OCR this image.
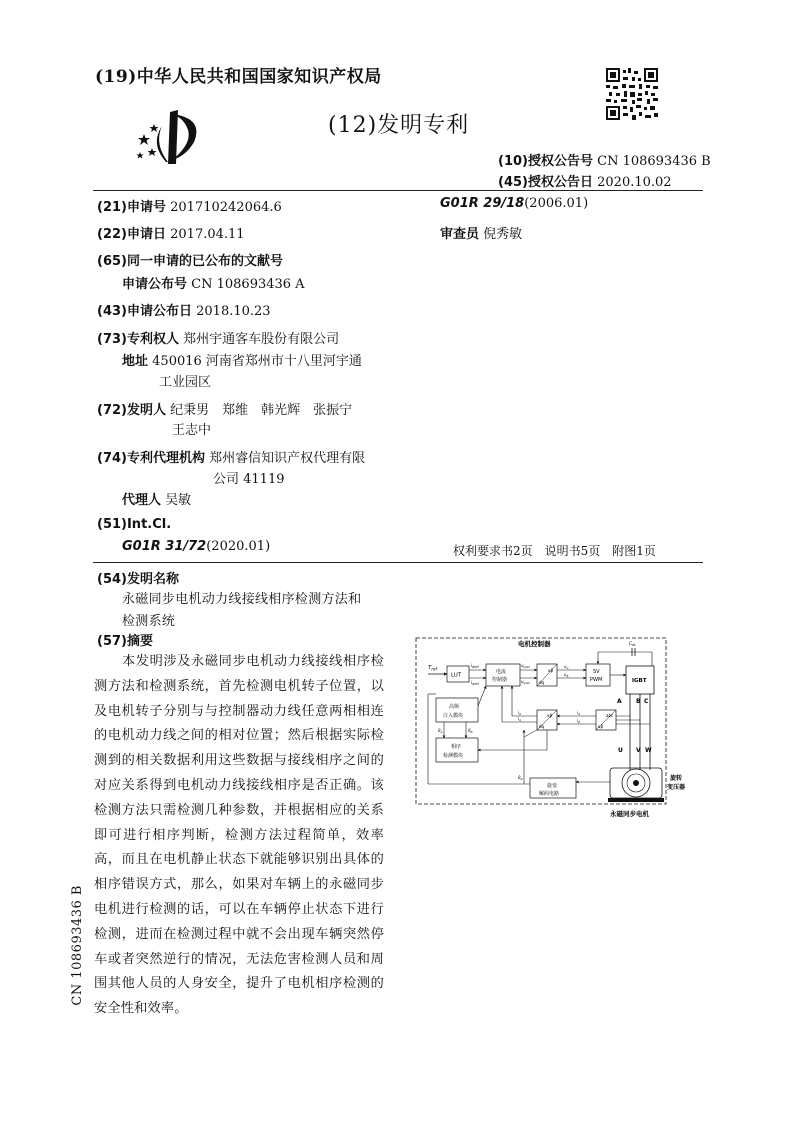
(19)中华人民共和国国家知识产权局
(12)发明专利
(10)授权公告号 CN 108693436 B
(45)授权公告日 2020.10.02
(21)申请号 201710242064.6
(22)申请日 2017.04.11
(65)同一申请的已公布的文献号
申请公布号 CN 108693436 A
(43)申请公布日 2018.10.23
(73)专利权人 郑州宇通客车股份有限公司
地址 450016 河南省郑州市十八里河宇通
工业园区
(72)发明人 纪秉男　郑维　韩光辉　张振宁
王志中
(74)专利代理机构 郑州睿信知识产权代理有限
公司 41119
代理人 吴敏
(51)Int.Cl.
G01R 31/72(2020.01)
G01R 29/18(2006.01)
审查员 倪秀敏
权利要求书2页　说明书5页　附图1页
(54)发明名称
永磁同步电机动力线接线相序检测方法和
检测系统
(57)摘要

本发明涉及永磁同步电机动力线接线相序检测方法和检测系统，首先检测电机转子位置，以及电机转子分别与与控制器动力线任意两相相连的电机动力线之间的相对位置；然后根据实际检测到的相关数据利用这些数据与接线相序之间的对应关系得到电机动力线接线相序是否正确。该检测方法只需检测几种参数，并根据相应的关系即可进行相序判断，检测方法过程简单，效率高，而且在电机静止状态下就能够识别出具体的相序错误方式，那么，如果对车辆上的永磁同步电机进行检测的话，可以在车辆停止状态下进行检测，进而在检测过程中就不会出现车辆突然停车或者突然逆行的情况，无法危害检测人员和周围其他人员的人身安全，提升了电机相序检测的安全性和效率。

CN 108693436 B
电机控制器
$T_{ref}$
LUT
$i_{dref}$
$i_{qref}$
电流
控制器
$u_{dref}$
$u_{qref}$ dq
αβ
$u_\alpha$
$u_\beta$
SV
PWM
$C_{dc}$
IGBT
A B C
U V W
abc
αβ
$i_\alpha$
$i_\beta$
αβ
dq
$i_d$
$i_q$
高频
注入模块
相序
检测模块
$\theta_A$	$\theta_B$
旋变
解码电路
$\theta_R$	旋转
变压器
永磁同步电机
